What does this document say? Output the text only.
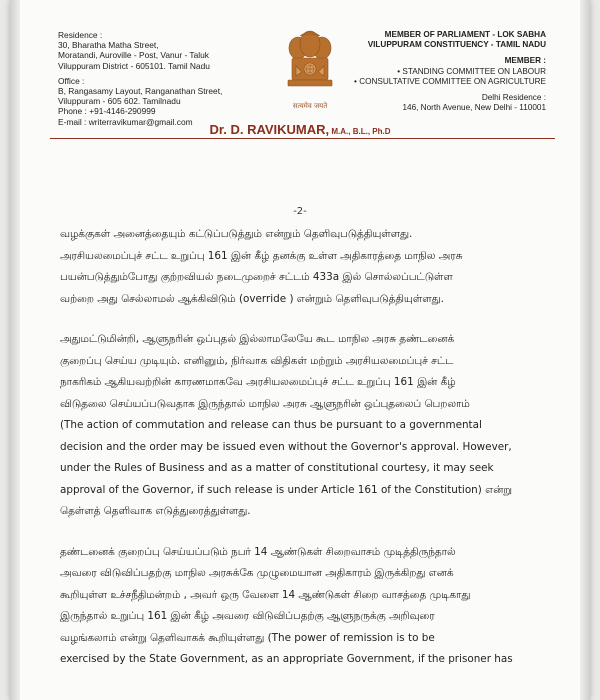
Residence :
30, Bharatha Matha Street,
Moratandi, Auroville - Post, Vanur - Taluk
Viluppuram District - 605101. Tamil Nadu
Office :
B, Rangasamy Layout, Ranganathan Street,
Viluppuram - 605 602. Tamilnadu
Phone : +91-4146-290999
E-mail : writerravikumar@gmail.com
सत्यमेव जयते
MEMBER OF PARLIAMENT - LOK SABHA
VILUPPURAM CONSTITUENCY - TAMIL NADU
MEMBER :
• STANDING COMMITTEE ON LABOUR
• CONSULTATIVE COMMITTEE ON AGRICULTURE
Delhi Residence :
146, North Avenue, New Delhi - 110001
Dr. D. RAVIKUMAR, M.A., B.L., Ph.D
-2-

வழக்குகள் அனைத்தையும் கட்டுப்படுத்தும் என்றும் தெளிவுபடுத்தியுள்ளது.
அரசியலமைப்புச் சட்ட உறுப்பு 161 இன் கீழ் தனக்கு உள்ள அதிகாரத்தை மாநில அரசு
பயன்படுத்தும்போது குற்றவியல் நடைமுறைச் சட்டம் 433a இல் சொல்லப்பட்டுள்ள
வற்றை அது செல்லாமல் ஆக்கிவிடும் (override ) என்றும் தெளிவுபடுத்தியுள்ளது.

அதுமட்டுமின்றி, ஆளுநரின் ஒப்புதல் இல்லாமலேயே கூட மாநில அரசு தண்டனைக்
குறைப்பு செய்ய முடியும். எனினும், நிர்வாக விதிகள் மற்றும் அரசியலமைப்புச் சட்ட
நாகரிகம் ஆகியவற்றின் காரணமாகவே அரசியலமைப்புச் சட்ட உறுப்பு 161 இன் கீழ்
விடுதலை செய்யப்படுவதாக இருந்தால் மாநில அரசு ஆளுநரின் ஒப்புதலைப் பெறலாம்
(The action of commutation and release can thus be pursuant to a governmental
decision and the order may be issued even without the Governor's approval. However,
under the Rules of Business and as a matter of constitutional courtesy, it may seek
approval of the Governor, if such release is under Article 161 of the Constitution) என்று
தெள்ளத் தெளிவாக எடுத்துரைத்துள்ளது.

தண்டனைக் குறைப்பு செய்யப்படும் நபர் 14 ஆண்டுகள் சிறைவாசம் முடித்திருந்தால்
அவரை விடுவிப்பதற்கு மாநில அரசுக்கே முழுமையான அதிகாரம் இருக்கிறது எனக்
கூறியுள்ள உச்சநீதிமன்றம் , அவர் ஒரு வேளை 14 ஆண்டுகள் சிறை வாசத்தை முடிகாது
இருந்தால் உறுப்பு 161 இன் கீழ் அவரை விடுவிப்பதற்கு ஆளுநருக்கு அறிவுரை
வழங்கலாம் என்று தெளிவாகக் கூறியுள்ளது (The power of remission is to be
exercised by the State Government, as an appropriate Government, if the prisoner has
